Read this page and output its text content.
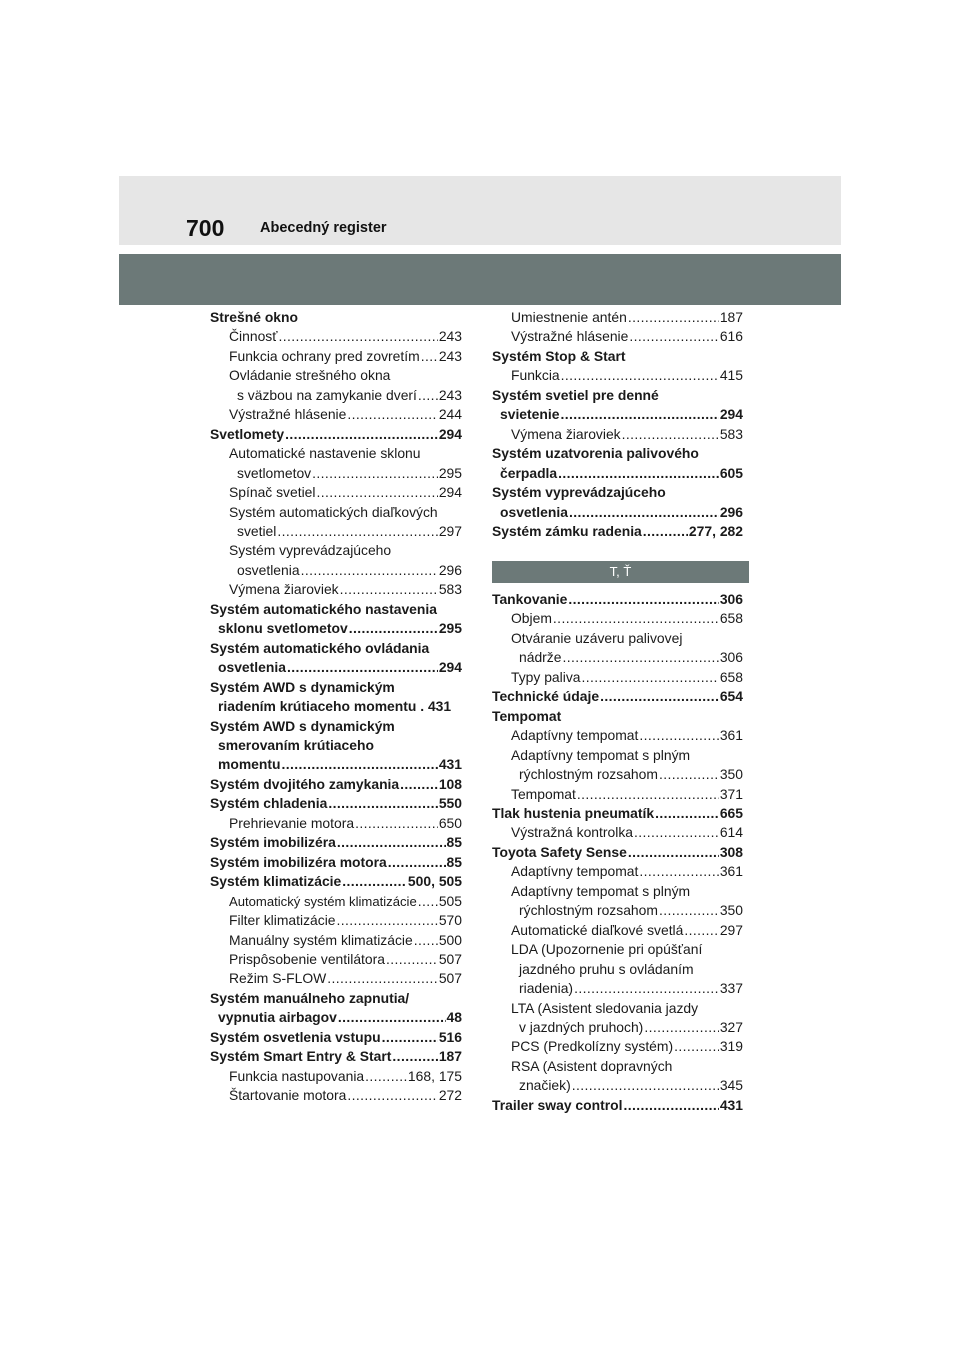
700 Abecedný register
Strešné okno
Činnosť .....	243
Funkcia ochrany pred zovretím ..... 243
Ovládanie strešného okna
s väzbou na zamykanie dverí ..... 243
Výstražné hlásenie .....	244
Svetlomety .....	294
Automatické nastavenie sklonu
svetlometov .....	295
Spínač svetiel .....	294
Systém automatických diaľkových
svetiel .....	297
Systém vyprevádzajúceho
osvetlenia .....	296
Výmena žiaroviek .....	583
Systém automatického nastavenia
sklonu svetlometov .....	295
Systém automatického ovládania
osvetlenia .....	294
Systém AWD s dynamickým
riadením krútiaceho momentu . 431
Systém AWD s dynamickým
smerovaním krútiaceho
momentu .....	431
Systém dvojitého zamykania .....	108
Systém chladenia .....	550
Prehrievanie motora .....	650
Systém imobilizéra .....	85
Systém imobilizéra motora .....	85
Systém klimatizácie .....	500, 505
Automatický systém klimatizácie ..... 505
Filter klimatizácie .....	570
Manuálny systém klimatizácie ..... 500
Prispôsobenie ventilátora .....	507
Režim S-FLOW .....	507
Systém manuálneho zapnutia/
vypnutia airbagov .....	48
Systém osvetlenia vstupu .....	516
Systém Smart Entry & Start .....	187
Funkcia nastupovania .....	168, 175
Štartovanie motora .....	272
Umiestnenie antén .....	187
Výstražné hlásenie .....	616
Systém Stop & Start
Funkcia .....	415
Systém svetiel pre denné
svietenie .....	294
Výmena žiaroviek .....	583
Systém uzatvorenia palivového
čerpadla .....	605
Systém vyprevádzajúceho
osvetlenia .....	296
Systém zámku radenia .....	277, 282
T, Ť
Tankovanie .....	306
Objem .....	658
Otváranie uzáveru palivovej
nádrže .....	306
Typy paliva .....	658
Technické údaje .....	654
Tempomat
Adaptívny tempomat .....	361
Adaptívny tempomat s plným
rýchlostným rozsahom .....	350
Tempomat .....	371
Tlak hustenia pneumatík .....	665
Výstražná kontrolka .....	614
Toyota Safety Sense .....	308
Adaptívny tempomat .....	361
Adaptívny tempomat s plným
rýchlostným rozsahom .....	350
Automatické diaľkové svetlá .....	297
LDA (Upozornenie pri opúšťaní
jazdného pruhu s ovládaním
riadenia) .....	337
LTA (Asistent sledovania jazdy
v jazdných pruhoch) .....	327
PCS (Predkolízny systém) .....	319
RSA (Asistent dopravných
značiek) .....	345
Trailer sway control .....	431
